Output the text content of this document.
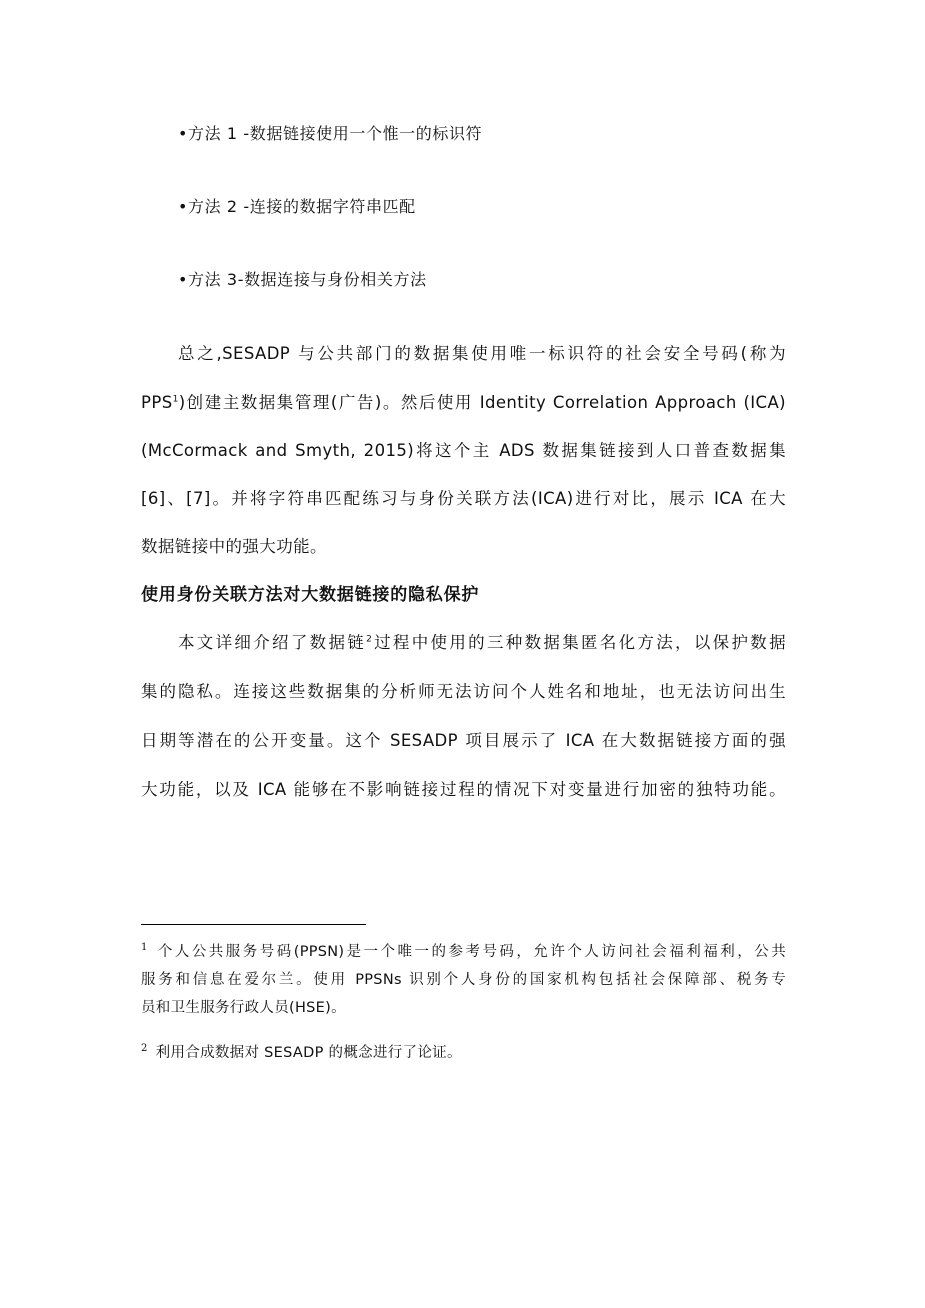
•方法 1 -数据链接使用一个惟一的标识符
•方法 2 -连接的数据字符串匹配
•方法 3-数据连接与身份相关方法
总之,SESADP 与公共部门的数据集使用唯一标识符的社会安全号码(称为
PPS$^1$)创建主数据集管理(广告)。然后使用 Identity Correlation Approach (ICA)
(McCormack and Smyth, 2015)将这个主 ADS 数据集链接到人口普查数据集
[6]、[7]。并将字符串匹配练习与身份关联方法(ICA)进行对比，展示 ICA 在大
数据链接中的强大功能。
使用身份关联方法对大数据链接的隐私保护
本文详细介绍了数据链$^2$过程中使用的三种数据集匿名化方法，以保护数据
集的隐私。连接这些数据集的分析师无法访问个人姓名和地址，也无法访问出生
日期等潜在的公开变量。这个 SESADP 项目展示了 ICA 在大数据链接方面的强
大功能，以及 ICA 能够在不影响链接过程的情况下对变量进行加密的独特功能。
$^1$ 个人公共服务号码(PPSN)是一个唯一的参考号码，允许个人访问社会福利福利，公共
服务和信息在爱尔兰。使用 PPSNs 识别个人身份的国家机构包括社会保障部、税务专
员和卫生服务行政人员(HSE)。
$^2$ 利用合成数据对 SESADP 的概念进行了论证。
